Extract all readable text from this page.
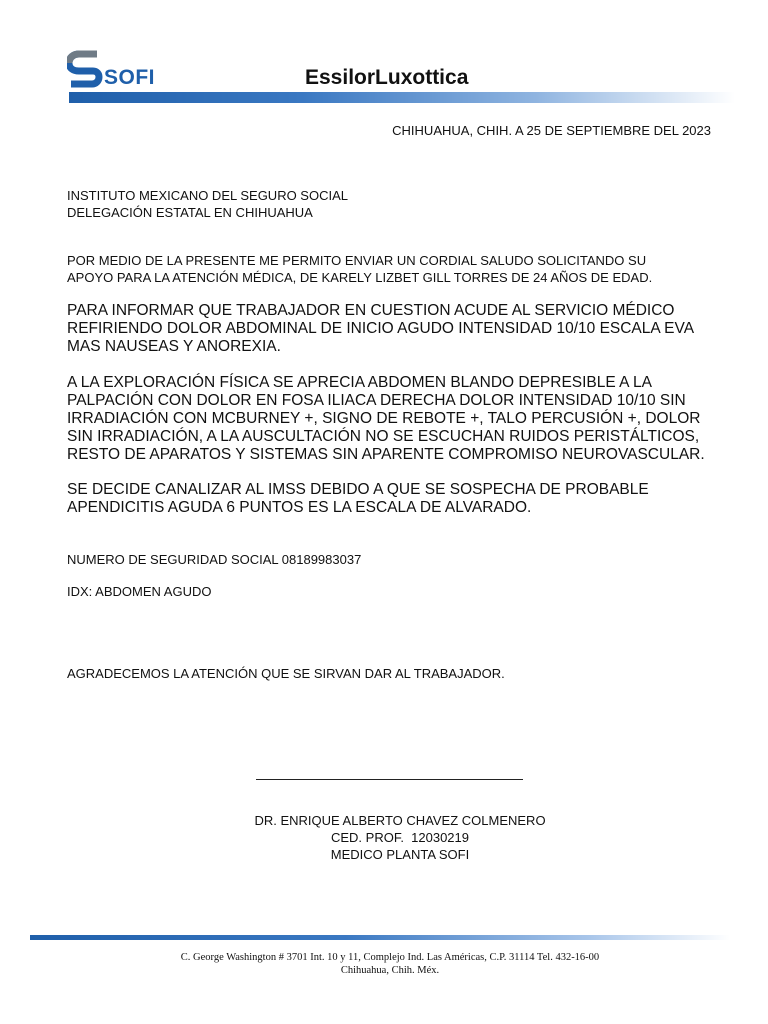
SOFI	EssilorLuxottica
CHIHUAHUA, CHIH. A 25 DE SEPTIEMBRE DEL 2023
INSTITUTO MEXICANO DEL SEGURO SOCIAL
DELEGACIÓN ESTATAL EN CHIHUAHUA
POR MEDIO DE LA PRESENTE ME PERMITO ENVIAR UN CORDIAL SALUDO SOLICITANDO SU
APOYO PARA LA ATENCIÓN MÉDICA, DE KARELY LIZBET GILL TORRES DE 24 AÑOS DE EDAD.
PARA INFORMAR QUE TRABAJADOR EN CUESTION ACUDE AL SERVICIO MÉDICO
REFIRIENDO DOLOR ABDOMINAL DE INICIO AGUDO INTENSIDAD 10/10 ESCALA EVA
MAS NAUSEAS Y ANOREXIA.
A LA EXPLORACIÓN FÍSICA SE APRECIA ABDOMEN BLANDO DEPRESIBLE A LA
PALPACIÓN CON DOLOR EN FOSA ILIACA DERECHA DOLOR INTENSIDAD 10/10 SIN
IRRADIACIÓN CON MCBURNEY +, SIGNO DE REBOTE +, TALO PERCUSIÓN +, DOLOR
SIN IRRADIACIÓN, A LA AUSCULTACIÓN NO SE ESCUCHAN RUIDOS PERISTÁLTICOS,
RESTO DE APARATOS Y SISTEMAS SIN APARENTE COMPROMISO NEUROVASCULAR.
SE DECIDE CANALIZAR AL IMSS DEBIDO A QUE SE SOSPECHA DE PROBABLE
APENDICITIS AGUDA 6 PUNTOS ES LA ESCALA DE ALVARADO.
NUMERO DE SEGURIDAD SOCIAL 08189983037
IDX: ABDOMEN AGUDO
AGRADECEMOS LA ATENCIÓN QUE SE SIRVAN DAR AL TRABAJADOR.
DR. ENRIQUE ALBERTO CHAVEZ COLMENERO
CED. PROF.  12030219
MEDICO PLANTA SOFI
C. George Washington # 3701 Int. 10 y 11, Complejo Ind. Las Américas, C.P. 31114 Tel. 432-16-00
Chihuahua, Chih. Méx.
